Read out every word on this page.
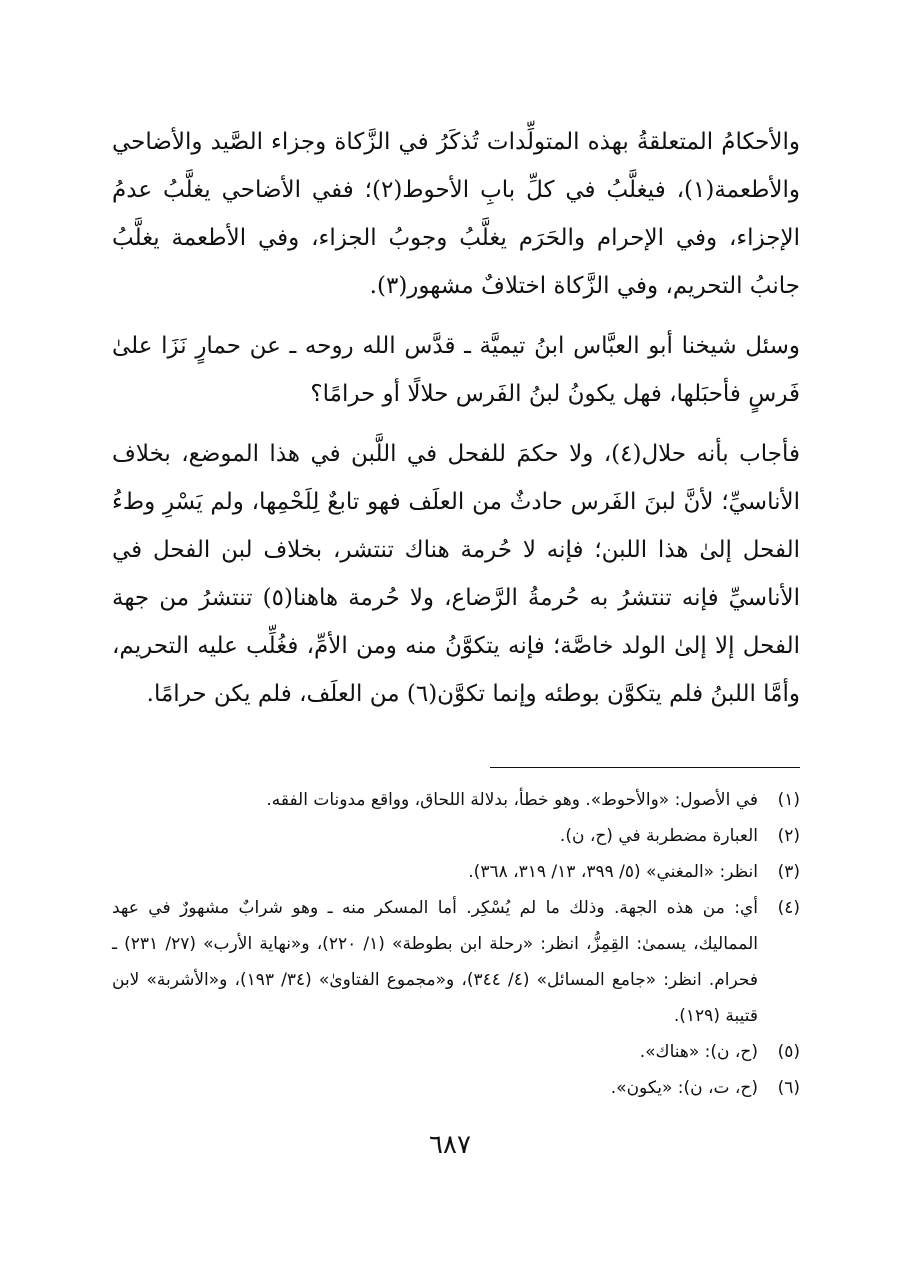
والأحكامُ المتعلقةُ بهذه المتولِّدات تُذكَرُ في الزَّكاة وجزاء الصَّيد والأضاحي والأطعمة(١)، فيغلَّبُ في كلِّ بابِ الأحوط(٢)؛ ففي الأضاحي يغلَّبُ عدمُ الإجزاء، وفي الإحرام والحَرَم يغلَّبُ وجوبُ الجزاء، وفي الأطعمة يغلَّبُ جانبُ التحريم، وفي الزَّكاة اختلافٌ مشهور(٣).

وسئل شيخنا أبو العبَّاس ابنُ تيميَّة ـ قدَّس الله روحه ـ عن حمارٍ نَزَا علىٰ فَرسٍ فأحبَلها، فهل يكونُ لبنُ الفَرس حلالًا أو حرامًا؟

فأجاب بأنه حلال(٤)، ولا حكمَ للفحل في اللَّبن في هذا الموضع، بخلاف الأناسيِّ؛ لأنَّ لبنَ الفَرس حادثٌ من العلَف فهو تابعٌ لِلَحْمِها، ولم يَسْرِ وطءُ الفحل إلىٰ هذا اللبن؛ فإنه لا حُرمة هناك تنتشر، بخلاف لبن الفحل في الأناسيِّ فإنه تنتشرُ به حُرمةُ الرَّضاع، ولا حُرمة هاهنا(٥) تنتشرُ من جهة الفحل إلا إلىٰ الولد خاصَّة؛ فإنه يتكوَّنُ منه ومن الأمِّ، فغُلِّب عليه التحريم، وأمَّا اللبنُ فلم يتكوَّن بوطئه وإنما تكوَّن(٦) من العلَف، فلم يكن حرامًا.

(١)
في الأصول: «والأحوط». وهو خطأ، بدلالة اللحاق، وواقع مدونات الفقه.
(٢)
العبارة مضطربة في (ح، ن).
(٣)
انظر: «المغني» (٥/ ٣٩٩، ١٣/ ٣١٩، ٣٦٨).
(٤)
أي: من هذه الجهة. وذلك ما لم يُسْكِر. أما المسكر منه ـ وهو شرابٌ مشهورٌ في عهد المماليك، يسمىٰ: القِمِزُّ، انظر: «رحلة ابن بطوطة» (١/ ٢٢٠)، و«نهاية الأرب» (٢٧/ ٢٣١) ـ فحرام. انظر: «جامع المسائل» (٤/ ٣٤٤)، و«مجموع الفتاوىٰ» (٣٤/ ١٩٣)، و«الأشربة» لابن قتيبة (١٢٩).
(٥)
(ح، ن): «هناك».
(٦)
(ح، ت، ن): «يكون».
٦٨٧
